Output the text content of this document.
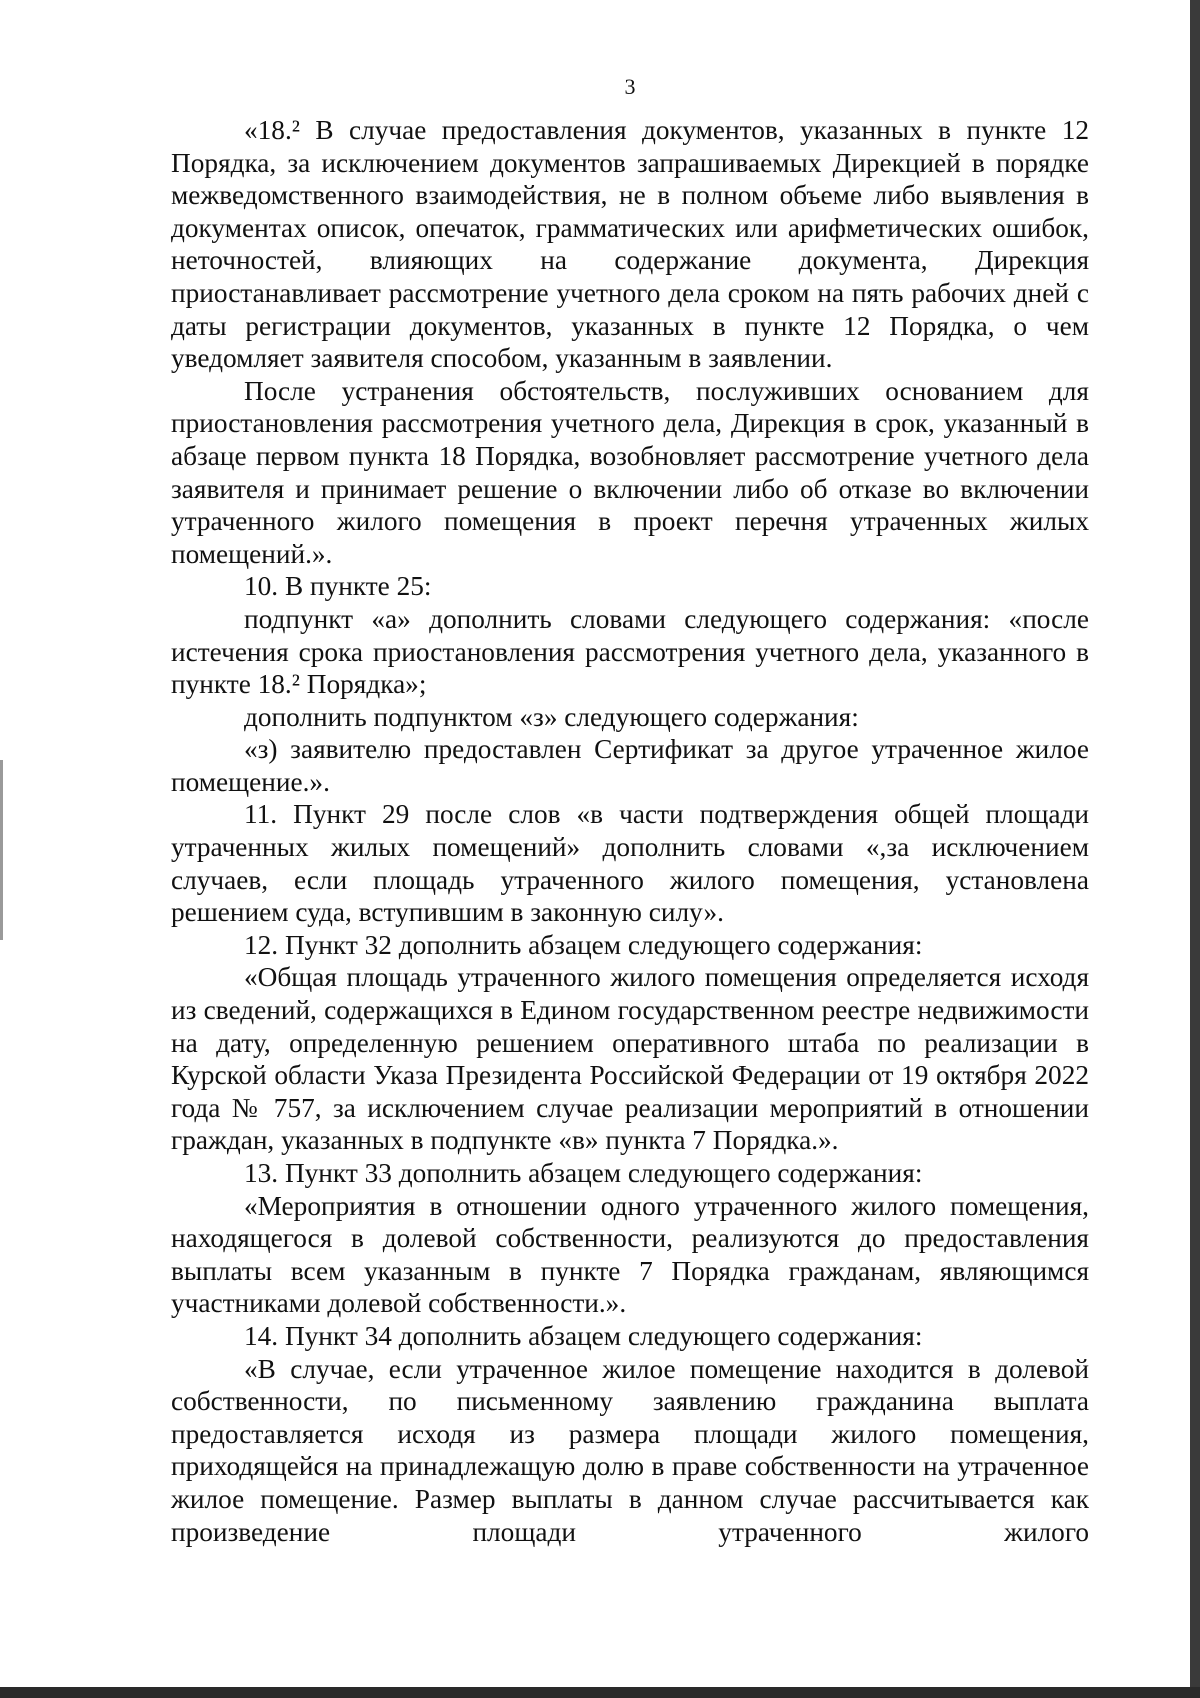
3

«18.² В случае предоставления документов, указанных в пункте 12 Порядка, за исключением документов запрашиваемых Дирекцией в порядке межведомственного взаимодействия, не в полном объеме либо выявления в документах описок, опечаток, грамматических или арифметических ошибок, неточностей, влияющих на содержание документа, Дирекция приостанавливает рассмотрение учетного дела сроком на пять рабочих дней с даты регистрации документов, указанных в пункте 12 Порядка, о чем уведомляет заявителя способом, указанным в заявлении.

После устранения обстоятельств, послуживших основанием для приостановления рассмотрения учетного дела, Дирекция в срок, указанный в абзаце первом пункта 18 Порядка, возобновляет рассмотрение учетного дела заявителя и принимает решение о включении либо об отказе во включении утраченного жилого помещения в проект перечня утраченных жилых помещений.».

10. В пункте 25:

подпункт «а» дополнить словами следующего содержания: «после истечения срока приостановления рассмотрения учетного дела, указанного в пункте 18.² Порядка»;

дополнить подпунктом «з» следующего содержания:

«з) заявителю предоставлен Сертификат за другое утраченное жилое помещение.».

11. Пункт 29 после слов «в части подтверждения общей площади утраченных жилых помещений» дополнить словами «,за исключением случаев, если площадь утраченного жилого помещения, установлена решением суда, вступившим в законную силу».

12. Пункт 32 дополнить абзацем следующего содержания:

«Общая площадь утраченного жилого помещения определяется исходя из сведений, содержащихся в Едином государственном реестре недвижимости на дату, определенную решением оперативного штаба по реализации в Курской области Указа Президента Российской Федерации от 19 октября 2022 года № 757, за исключением случае реализации мероприятий в отношении граждан, указанных в подпункте «в» пункта 7 Порядка.».

13. Пункт 33 дополнить абзацем следующего содержания:

«Мероприятия в отношении одного утраченного жилого помещения, находящегося в долевой собственности, реализуются до предоставления выплаты всем указанным в пункте 7 Порядка гражданам, являющимся участниками долевой собственности.».

14. Пункт 34 дополнить абзацем следующего содержания:

«В случае, если утраченное жилое помещение находится в долевой собственности, по письменному заявлению гражданина выплата предоставляется исходя из размера площади жилого помещения, приходящейся на принадлежащую долю в праве собственности на утраченное жилое помещение. Размер выплаты в данном случае рассчитывается как произведение площади утраченного жилого
